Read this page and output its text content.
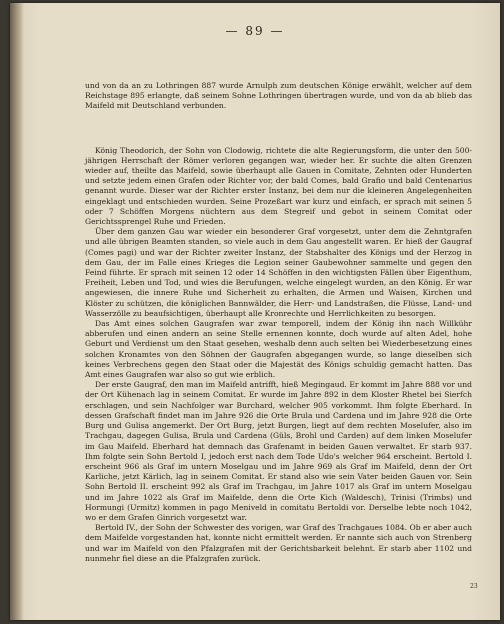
— 89 —

und von da an zu Lothringen 887 wurde Arnulph zum deutschen Könige erwählt, welcher auf dem Reichstage 895 erlangte, daß seinem Sohne Lothringen übertragen wurde, und von da ab blieb das Maifeld mit Deutschland verbunden.

König Theodorich, der Sohn von Clodowig, richtete die alte Regierungsform, die unter den 500-jährigen Herrschaft der Römer verloren gegangen war, wieder her. Er suchte die alten Grenzen wieder auf, theilte das Maifeld, sowie überhaupt alle Gauen in Comitate, Zehnten oder Hunderten und setzte jedem einen Grafen oder Richter vor, der bald Comes, bald Grafio und bald Centenarius genannt wurde. Dieser war der Richter erster Instanz, bei dem nur die kleineren Angelegenheiten eingeklagt und entschieden wurden. Seine Prozeßart war kurz und einfach, er sprach mit seinen 5 oder 7 Schöffen Morgens nüchtern aus dem Stegreif und gebot in seinem Comitat oder Gerichtssprengel Ruhe und Frieden.

Über dem ganzen Gau war wieder ein besonderer Graf vorgesetzt, unter dem die Zehntgrafen und alle übrigen Beamten standen, so viele auch in dem Gau angestellt waren. Er hieß der Gaugraf (Comes pagi) und war der Richter zweiter Instanz, der Stabshalter des Königs und der Herzog in dem Gau, der im Falle eines Krieges die Legion seiner Gaubewohner sammelte und gegen den Feind führte. Er sprach mit seinen 12 oder 14 Schöffen in den wichtigsten Fällen über Eigenthum, Freiheit, Leben und Tod, und wies die Berufungen, welche eingelegt wurden, an den König. Er war angewiesen, die innere Ruhe und Sicherheit zu erhalten, die Armen und Waisen, Kirchen und Klöster zu schützen, die königlichen Bannwälder, die Herr- und Landstraßen, die Flüsse, Land- und Wasserzölle zu beaufsichtigen, überhaupt alle Kronrechte und Herrlichkeiten zu besorgen.

Das Amt eines solchen Gaugrafen war zwar temporell, indem der König ihn nach Willkühr abberufen und einen andern an seine Stelle ernennen konnte, doch wurde auf alten Adel, hohe Geburt und Verdienst um den Staat gesehen, weshalb denn auch selten bei Wiederbesetzung eines solchen Kronamtes von den Söhnen der Gaugrafen abgegangen wurde, so lange dieselben sich keines Verbrechens gegen den Staat oder die Majestät des Königs schuldig gemacht hatten. Das Amt eines Gaugrafen war also so gut wie erblich.

Der erste Gaugraf, den man im Maifeld antrifft, hieß Megingaud. Er kommt im Jahre 888 vor und der Ort Kühenach lag in seinem Comitat. Er wurde im Jahre 892 in dem Kloster Rhetel bei Sierfch erschlagen, und sein Nachfolger war Burchard, welcher 905 vorkommt. Ihm folgte Eberhard. In dessen Grafschaft findet man im Jahre 926 die Orte Brula und Cardena und im Jahre 928 die Orte Burg und Gulisa angemerkt. Der Ort Burg, jetzt Burgen, liegt auf dem rechten Moselufer, also im Trachgau, dagegen Gulisa, Brula und Cardena (Güls, Brohl und Carden) auf dem linken Moselufer im Gau Maifeld. Eberhard hat demnach das Grafenamt in beiden Gauen verwaltet. Er starb 937. Ihm folgte sein Sohn Bertold I, jedoch erst nach dem Tode Udo's welcher 964 erscheint. Bertold I. erscheint 966 als Graf im untern Moselgau und im Jahre 969 als Graf im Maifeld, denn der Ort Karliche, jetzt Kärlich, lag in seinem Comitat. Er stand also wie sein Vater beiden Gauen vor. Sein Sohn Bertold II. erscheint 992 als Graf im Trachgau, im Jahre 1017 als Graf im untern Moselgau und im Jahre 1022 als Graf im Maifelde, denn die Orte Kich (Waldesch), Trinisi (Trimbs) und Hormungi (Urmitz) kommen in pago Meniveld in comitatu Bertoldi vor. Derselbe lebte noch 1042, wo er dem Grafen Ginrich vorgesetzt war.

Bertold IV., der Sohn der Schwester des vorigen, war Graf des Trachgaues 1084. Ob er aber auch dem Maifelde vorgestanden hat, konnte nicht ermittelt werden. Er nannte sich auch von Strenberg und war im Maifeld von den Pfalzgrafen mit der Gerichtsbarkeit belehnt. Er starb aber 1102 und nunmehr fiel diese an die Pfalzgrafen zurück.

23
